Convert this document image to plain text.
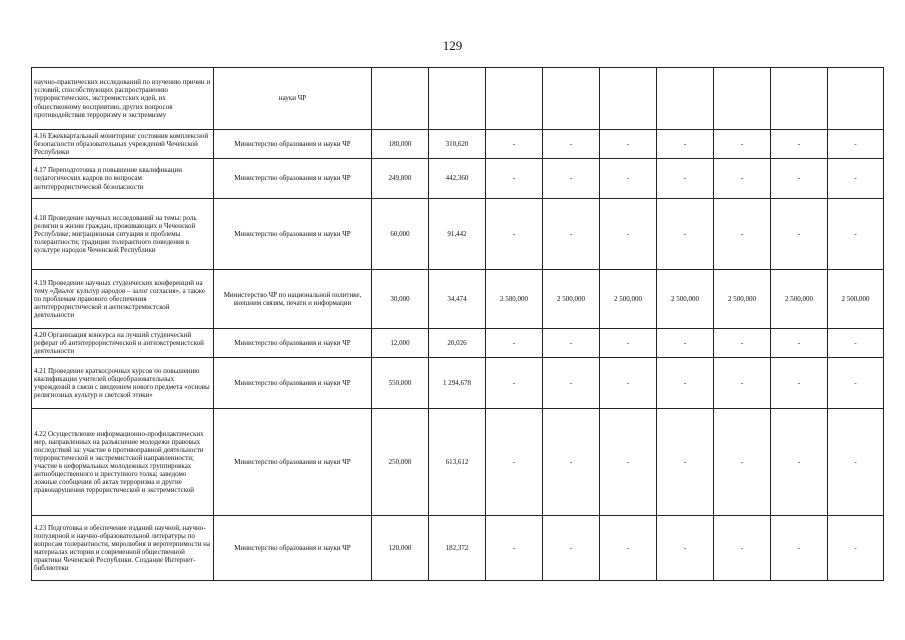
129
научно-практических исследований по изучению причин и условий, способствующих распространению террористических, экстремистских идей, их общественному восприятию, других вопросов противодействия терроризму и экстремизму	науки ЧР									
4.16 Ежеквартальный мониторинг состояния комплексной безопасности образовательных учреждений Чеченской Республики	Министерство образования и науки ЧР	180,000	310,620	-	-	-	-	-	-	-
4.17 Переподготовка и повышение квалификации педагогических кадров по вопросам антитеррористической безопасности	Министерство образования и науки ЧР	249,800	442,360	-	-	-	-	-	-	-
4.18 Проведение научных исследований на темы: роль религии в жизни граждан, проживающих в Чеченской Республике; миграционная ситуация и проблемы толерантности; традиции толерантного поведения в культуре народов Чеченской Республики	Министерство образования и науки ЧР	60,000	91,442	-	-	-	-	-	-	-
4.19 Проведение научных студенческих конференций на тему «Диалог культур народов – залог согласия», а также по проблемам правового обеспечения антитеррористической и антиэкстремистской деятельности	Министерство ЧР по национальной политике, внешним связям, печати и информации	30,000	34,474	2 500,000	2 500,000	2 500,000	2 500,000	2 500,000	2 500,000	2 500,000
4.20 Организация конкурса на лучший студенческий реферат об антитеррористической и антиэкстремистской деятельности	Министерство образования и науки ЧР	12,000	20,026	-	-	-	-	-	-	-
4.21 Проведение краткосрочных курсов по повышению квалификации учителей общеобразовательных учреждений в связи с введением нового предмета «основы религиозных культур и светской этики»	Министерство образования и науки ЧР	550,000	1 294,678	-	-	-	-	-	-	-
4.22 Осуществление информационно-профилактических мер, направленных на разъяснение молодежи правовых последствий за: участие в противоправной деятельности террористической и экстремистской направленности; участие в неформальных молодежных группировках антиобщественного и преступного толка; заведомо ложные сообщения об актах терроризма и другие правонарушения террористической и экстремистской	Министерство образования и науки ЧР	250,000	613,612	-	-	-	-	-	-	-
4.23 Подготовка и обеспечение изданий научной, научно-популярной и научно-образовательной литературы по вопросам толерантности, миролюбия и веротерпимости на материалах истории и современной общественной практики Чеченской Республики. Создание Интернет-библиотеки	Министерство образования и науки ЧР	120,000	182,372	-	-	-	-	-	-	-
